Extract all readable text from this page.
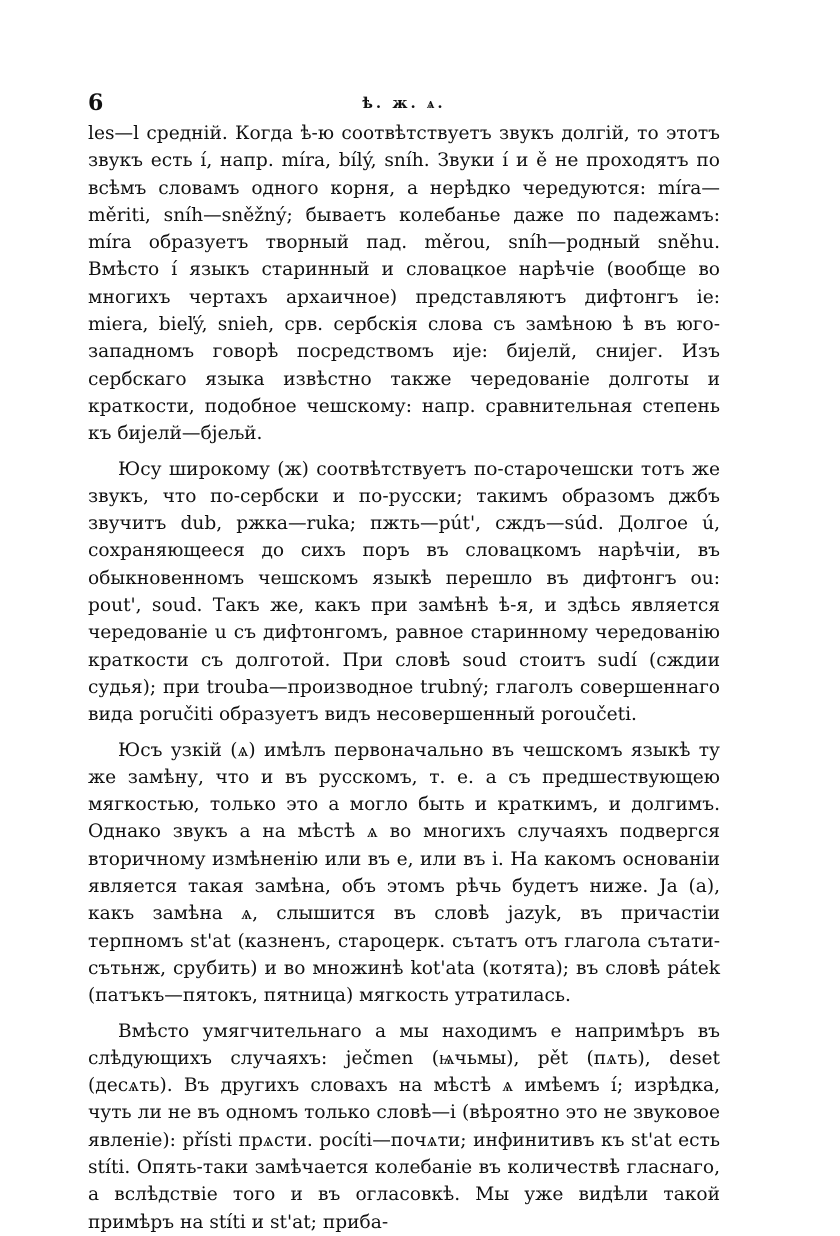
6	ѣ. ж. ѧ.

les—l средній. Когда ѣ-ю соотвѣтствуетъ звукъ долгій, то этотъ звукъ есть í, напр. míra, bílý, sníh. Звуки í и ě не проходятъ по всѣмъ словамъ одного корня, а нерѣдко чередуются: míra—měriti, sníh—sněžný; бываетъ колебанье даже по падежамъ: míra образуетъ творный пад. měrou, sníh—родный sněhu. Вмѣсто í языкъ старинный и словацкое нарѣчіе (вообще во многихъ чертахъ архаичное) представляютъ дифтонгъ ie: miera, bieľý, snieh, срв. сербскія слова съ замѣною ѣ въ юго-западномъ говорѣ посредствомъ ије: бијелй, снијег. Изъ сербскаго языка извѣстно также чередованіе долготы и краткости, подобное чешскому: напр. сравнительная степень къ бијелй—бјељй.

Юсу широкому (ж) соотвѣтствуетъ по-старочешски тотъ же звукъ, что по-сербски и по-русски; такимъ образомъ джбъ звучитъ dub, ржка—ruka; пжть—pút', сждъ—súd. Долгое ú, сохраняющееся до сихъ поръ въ словацкомъ нарѣчіи, въ обыкновенномъ чешскомъ языкѣ перешло въ дифтонгъ ou: pout', soud. Такъ же, какъ при замѣнѣ ѣ-я, и здѣсь является чередованіе u съ дифтонгомъ, равное старинному чередованію краткости съ долготой. При словѣ soud стоитъ sudí (сждии судья); при trouba—производное trubný; глаголъ совершеннаго вида poručiti образуетъ видъ несовершенный poroučeti.

Юсъ узкій (ѧ) имѣлъ первоначально въ чешскомъ языкѣ ту же замѣну, что и въ русскомъ, т. е. a съ предшествующею мягкостью, только это a могло быть и краткимъ, и долгимъ. Однако звукъ a на мѣстѣ ѧ во многихъ случаяхъ подвергся вторичному измѣненію или въ e, или въ i. На какомъ основаніи является такая замѣна, объ этомъ рѣчь будетъ ниже. Ja (a), какъ замѣна ѧ, слышится въ словѣ jazyk, въ причастіи терпномъ st'at (казненъ, староцерк. сътатъ отъ глагола сътати-сътьнж, срубить) и во множинѣ kot'ata (котята); въ словѣ pátek (патъкъ—пятокъ, пятница) мягкость утратилась.

Вмѣсто умягчительнаго a мы находимъ e напримѣръ въ слѣдующихъ случаяхъ: ječmen (ѩчьмы), pět (пѧть), deset (десѧть). Въ другихъ словахъ на мѣстѣ ѧ имѣемъ í; изрѣдка, чуть ли не въ одномъ только словѣ—i (вѣроятно это не звуковое явленіе): přísti прѧсти. pocíti—почѧти; инфинитивъ къ st'at есть stíti. Опять-таки замѣчается колебаніе въ количествѣ гласнаго, а вслѣдствіе того и въ огласовкѣ. Мы уже видѣли такой примѣръ на stíti и st'at; приба-
